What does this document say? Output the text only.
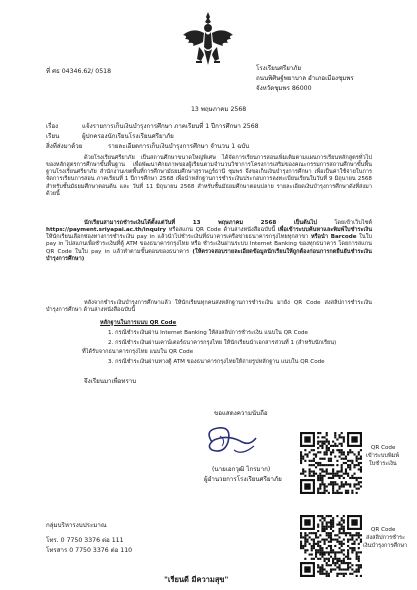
ที่ ศธ 04346.62/ 0518	โรงเรียนศรียาภัย
ถนนพิศิษฐ์พยาบาล อำเภอเมืองชุมพร
จังหวัดชุมพร 86000
13 พฤษภาคม 2568
เรื่อง	แจ้งรายการเก็บเงินบำรุงการศึกษา ภาคเรียนที่ 1 ปีการศึกษา 2568
เรียน	ผู้ปกครองนักเรียนโรงเรียนศรียาภัย
สิ่งที่ส่งมาด้วย	รายละเอียดการเก็บเงินบำรุงการศึกษา จำนวน 1 ฉบับ
ด้วยโรงเรียนศรียาภัย เป็นสถานศึกษาขนาดใหญ่พิเศษ ได้จัดการเรียนการสอนเพิ่มเติมตามแผนการเรียนหลักสูตรทั่วไปของหลักสูตรการศึกษาขั้นพื้นฐาน เพื่อพัฒนาศักยภาพของผู้เรียนตามจำนวนวิชาการโครงการเสริมของคณะกรรมการสถานศึกษาขั้นพื้นฐานโรงเรียนศรียาภัย สำนักงานเขตพื้นที่การศึกษามัธยมศึกษาสุราษฎร์ธานี ชุมพร จึงขอเก็บเงินบำรุงการศึกษา เพื่อเป็นค่าใช้จ่ายในการจัดการเรียนการสอน ภาคเรียนที่ 1 ปีการศึกษา 2568 เพื่อนำหลักฐานการชำระเงินประกอบการลงทะเบียนเรียนในวันที่ 9 มิถุนายน 2568 สำหรับชั้นมัธยมศึกษาตอนต้น และ วันที่ 11 มิถุนายน 2568 สำหรับชั้นมัธยมศึกษาตอนปลาย รายละเอียดเงินบำรุงการศึกษาดังที่ส่งมาด้วยนี้
นักเรียนสามารถชำระเงินได้ตั้งแต่วันที่ 13 พฤษภาคม 2568 เป็นต้นไป	โดยเข้าเว็บไซต์ https://payment.sriyapai.ac.th/inquiry หรือสแกน QR Code ด้านล่างหนังสือฉบับนี้ เพื่อเข้าระบบค้นหาและพิมพ์ใบชำระเงิน ให้นักเรียนเลือกช่องทางการชำระเงิน pay in แล้วนำไปชำระเงินที่ธนาคารเครือข่ายธนาคารกรุงไทยทุกสาขา หรือนำ Barcode ในใบ pay in ไปสแกนเพื่อชำระเงินที่ตู้ ATM ของธนาคารกรุงไทย หรือ ชำระเงินผ่านระบบ Internet Banking ของทุกธนาคาร โดยการสแกน QR Code ในใบ pay in แล้วทำตามขั้นตอนของธนาคาร (ให้ตรวจสอบรายละเอียดข้อมูลนักเรียนให้ถูกต้องก่อนการกดยืนยันชำระเงินบำรุงการศึกษา)
หลังจากชำระเงินบำรุงการศึกษาแล้ว ให้นักเรียนทุกคนส่งหลักฐานการชำระเงิน มายัง QR Code ส่งสลิปการชำระเงินบำรุงการศึกษา ด้านล่างหนังสือฉบับนี้
หลักฐานในการแนบ QR Code
1. กรณีชำระเงินผ่าน Internet Banking ให้ส่งสลิปการชำระเงิน แนบใน QR Code
2. กรณีชำระเงินผ่านเคาน์เตอร์ธนาคารกรุงไทย ให้นักเรียนนำเอกสารส่วนที่ 1 (สำหรับนักเรียน)
ที่ได้รับจากธนาคารกรุงไทย แนบใน QR Code
3. กรณีชำระเงินผ่านทางตู้ ATM ของธนาคารกรุงไทยให้ถ่ายรูปหลักฐาน แนบใน QR Code
จึงเรียนมาเพื่อทราบ
ขอแสดงความนับถือ
(นายเอกวุฒิ ไกรมาก)
ผู้อำนวยการโรงเรียนศรียาภัย
QR Code
เข้าระบบพิมพ์
ใบชำระเงิน
QR Code
ส่งสลิปการชำระ
เงินบำรุงการศึกษา
กลุ่มบริหารงบประมาณ
โทร. 0 7750 3376 ต่อ 111
โทรสาร 0 7750 3376 ต่อ 110
"เรียนดี มีความสุข"
